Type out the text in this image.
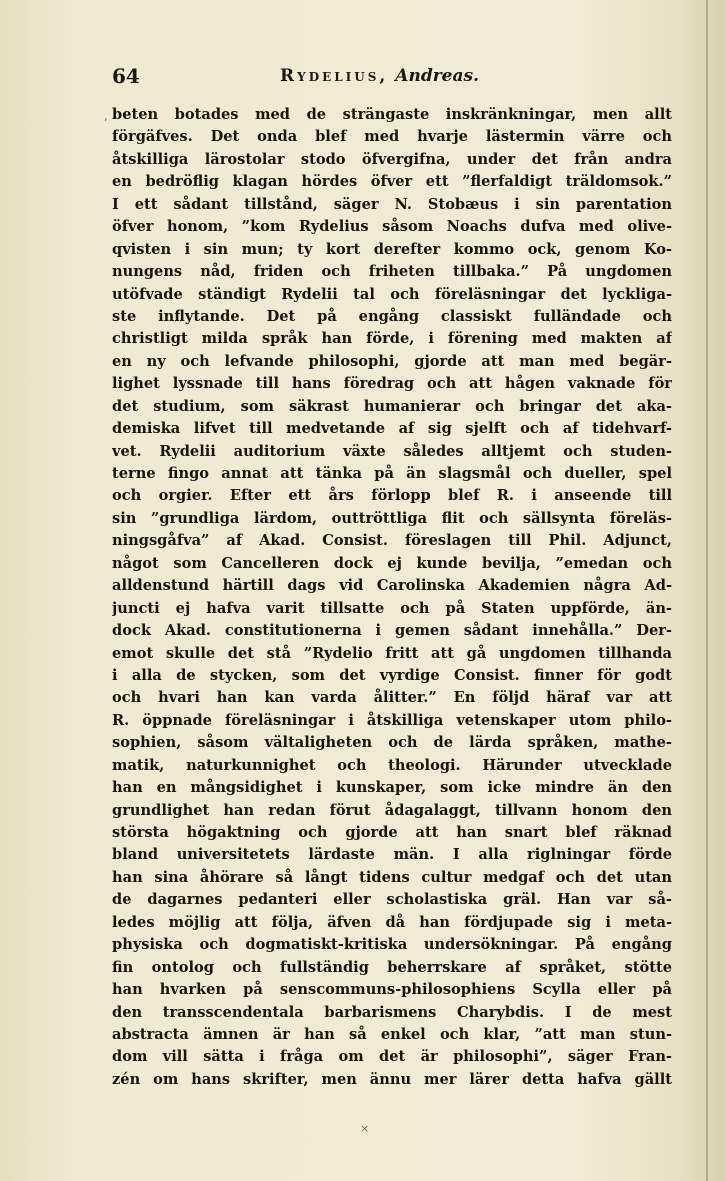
64	Rydelius, Andreas.
beten botades med de strängaste inskränkningar, men allt
förgäfves. Det onda blef med hvarje lästermin värre och
åtskilliga lärostolar stodo öfvergifna, under det från andra
en bedröflig klagan hördes öfver ett ”flerfaldigt träldomsok.”
I ett sådant tillstånd, säger N. Stobæus i sin parentation
öfver honom, ”kom Rydelius såsom Noachs dufva med olive-
qvisten i sin mun; ty kort derefter kommo ock, genom Ko-
nungens nåd, friden och friheten tillbaka.” På ungdomen
utöfvade ständigt Rydelii tal och föreläsningar det lyckliga-
ste inflytande. Det på engång classiskt fulländade och
christligt milda språk han förde, i förening med makten af
en ny och lefvande philosophi, gjorde att man med begär-
lighet lyssnade till hans föredrag och att hågen vaknade för
det studium, som säkrast humanierar och bringar det aka-
demiska lifvet till medvetande af sig sjelft och af tidehvarf-
vet. Rydelii auditorium växte således alltjemt och studen-
terne fingo annat att tänka på än slagsmål och dueller, spel
och orgier. Efter ett års förlopp blef R. i anseende till
sin ”grundliga lärdom, outtröttliga flit och sällsynta föreläs-
ningsgåfva” af Akad. Consist. föreslagen till Phil. Adjunct,
något som Cancelleren dock ej kunde bevilja, ”emedan och
alldenstund härtill dags vid Carolinska Akademien några Ad-
juncti ej hafva varit tillsatte och på Staten uppförde, än-
dock Akad. constitutionerna i gemen sådant innehålla.” Der-
emot skulle det stå ”Rydelio fritt att gå ungdomen tillhanda
i alla de stycken, som det vyrdige Consist. finner för godt
och hvari han kan varda ålitter.” En följd häraf var att
R. öppnade föreläsningar i åtskilliga vetenskaper utom philo-
sophien, såsom vältaligheten och de lärda språken, mathe-
matik, naturkunnighet och theologi. Härunder utvecklade
han en mångsidighet i kunskaper, som icke mindre än den
grundlighet han redan förut ådagalaggt, tillvann honom den
största högaktning och gjorde att han snart blef räknad
bland universitetets lärdaste män. I alla riglningar förde
han sina åhörare så långt tidens cultur medgaf och det utan
de dagarnes pedanteri eller scholastiska gräl. Han var så-
ledes möjlig att följa, äfven då han fördjupade sig i meta-
physiska och dogmatiskt-kritiska undersökningar. På engång
fin ontolog och fullständig beherrskare af språket, stötte
han hvarken på senscommuns-philosophiens Scylla eller på
den transscendentala barbarismens Charybdis. I de mest
abstracta ämnen är han så enkel och klar, ”att man stun-
dom vill sätta i fråga om det är philosophi”, säger Fran-
zén om hans skrifter, men ännu mer lärer detta hafva gällt
,
×
